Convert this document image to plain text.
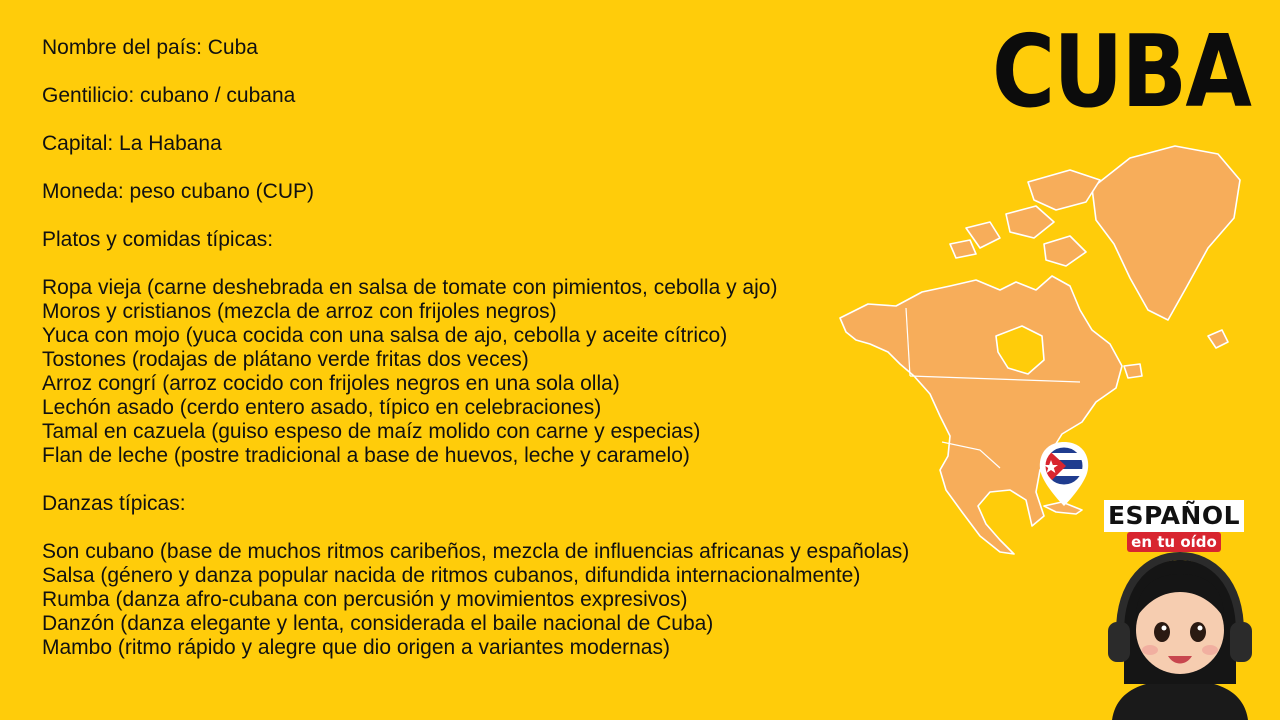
Nombre del país: Cuba
Gentilicio: cubano / cubana
Capital: La Habana
Moneda: peso cubano (CUP)
Platos y comidas típicas:
Ropa vieja (carne deshebrada en salsa de tomate con pimientos, cebolla y ajo)
Moros y cristianos (mezcla de arroz con frijoles negros)
Yuca con mojo (yuca cocida con una salsa de ajo, cebolla y aceite cítrico)
Tostones (rodajas de plátano verde fritas dos veces)
Arroz congrí (arroz cocido con frijoles negros en una sola olla)
Lechón asado (cerdo entero asado, típico en celebraciones)
Tamal en cazuela (guiso espeso de maíz molido con carne y especias)
Flan de leche (postre tradicional a base de huevos, leche y caramelo)
Danzas típicas:
Son cubano (base de muchos ritmos caribeños, mezcla de influencias africanas y españolas)
Salsa (género y danza popular nacida de ritmos cubanos, difundida internacionalmente)
Rumba (danza afro-cubana con percusión y movimientos expresivos)
Danzón (danza elegante y lenta, considerada el baile nacional de Cuba)
Mambo (ritmo rápido y alegre que dio origen a variantes modernas)
CUBA
ESPAÑOL
en tu oído
